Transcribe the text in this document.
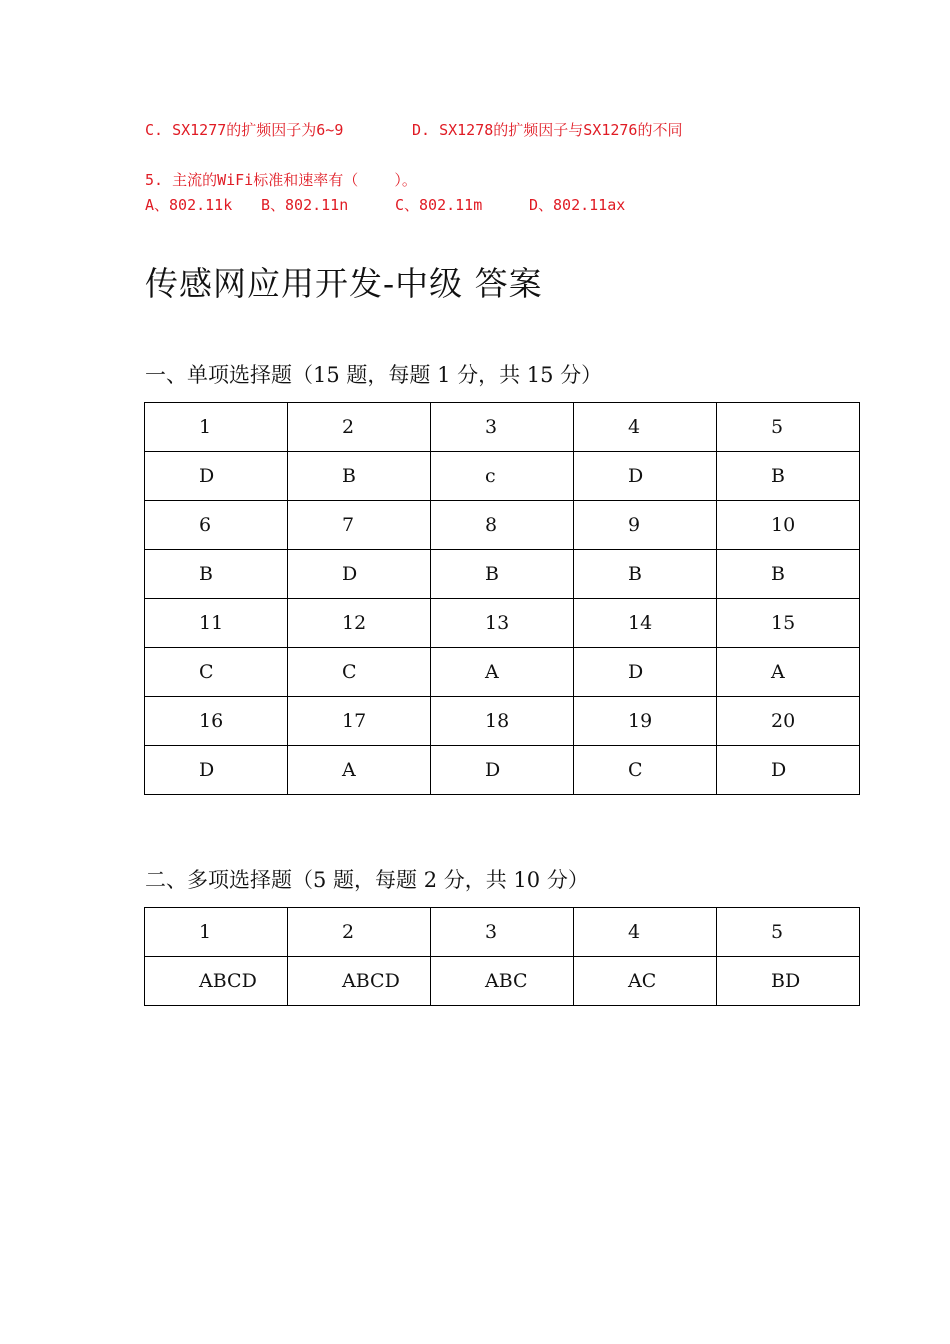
C. SX1277的扩频因子为6~9	D. SX1278的扩频因子与SX1276的不同
5. 主流的WiFi标准和速率有（    ）。
A、802.11k B、802.11n	C、802.11m	D、802.11ax
传感网应用开发-中级 答案
一、单项选择题（15 题，每题 1 分，共 15 分）
1	2	3	4	5
D	B	c	D	B
6	7	8	9	10
B	D	B	B	B
11	12	13	14	15
C	C	A	D	A
16	17	18	19	20
D	A	D	C	D
二、多项选择题（5 题，每题 2 分，共 10 分）
1	2	3	4	5
ABCD	ABCD	ABC	AC	BD
